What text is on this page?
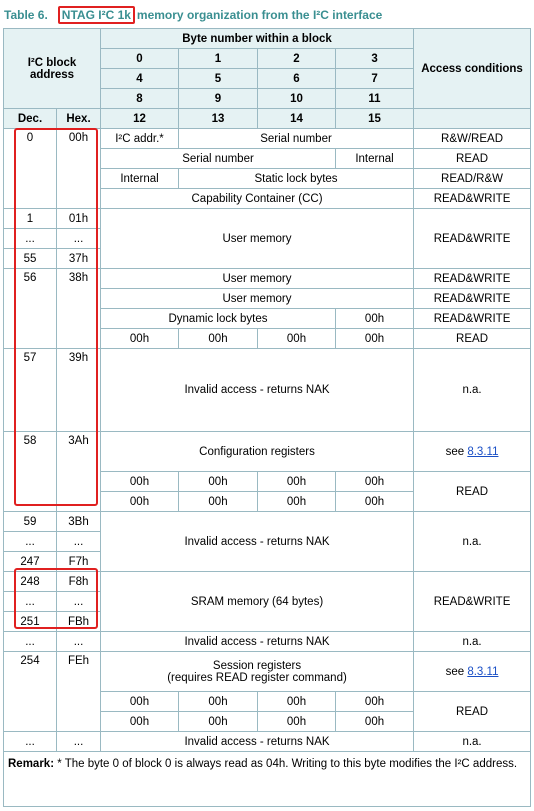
Table 6.	NTAG I²C 1k memory organization from the I²C interface
I²C block address		Byte number within a block				Access conditions
		0	1	2	3	
		4	5	6	7	
		8	9	10	11	
Dec.	Hex.	12	13	14	15	
0	00h	I²C addr.*	Serial number			R&W/READ
		Serial number			Internal	READ
		Internal	Static lock bytes			READ/R&W
		Capability Container (CC)				READ&WRITE
1	01h	User memory				READ&WRITE
...	...					
55	37h					
56	38h	User memory				READ&WRITE
		User memory				READ&WRITE
		Dynamic lock bytes			00h	READ&WRITE
		00h	00h	00h	00h	READ
57	39h	Invalid access - returns NAK				n.a.
58	3Ah	Configuration registers				see 8.3.11
		00h	00h	00h	00h	READ
		00h	00h	00h	00h	
59	3Bh	Invalid access - returns NAK				n.a.
...	...					
247	F7h					
248	F8h	SRAM memory (64 bytes)				READ&WRITE
...	...					
251	FBh					
...	...	Invalid access - returns NAK				n.a.
254	FEh	Session registers
(requires READ register command)				see 8.3.11
		00h	00h	00h	00h	READ
		00h	00h	00h	00h	
...	...	Invalid access - returns NAK				n.a.
Remark: * The byte 0 of block 0 is always read as 04h. Writing to this byte modifies the I²C address.						
